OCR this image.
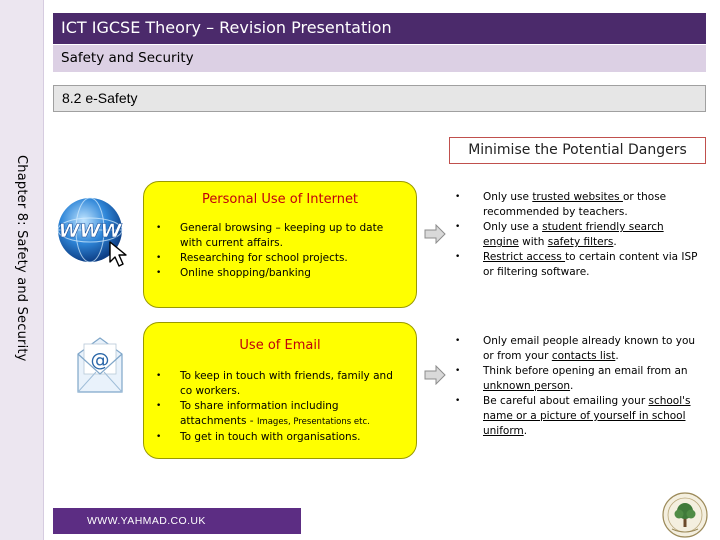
Chapter 8: Safety and Security
ICT IGCSE Theory – Revision Presentation
Safety and Security
8.2 e-Safety
Minimise the Potential Dangers
WWW
@
Personal Use of Internet
• General browsing – keeping up to date with current affairs.
• Researching for school projects.
• Online shopping/banking
Use of Email
• To keep in touch with friends, family and co workers.
• To share information including attachments - Images, Presentations etc.
• To get in touch with organisations.
• Only use trusted websites or those recommended by teachers.
• Only use a student friendly search engine with safety filters.
• Restrict access to certain content via ISP or filtering software.
• Only email people already known to you or from your contacts list.
• Think before opening an email from an unknown person.
• Be careful about emailing your school's name or a picture of yourself in school uniform.
WWW.YAHMAD.CO.UK
